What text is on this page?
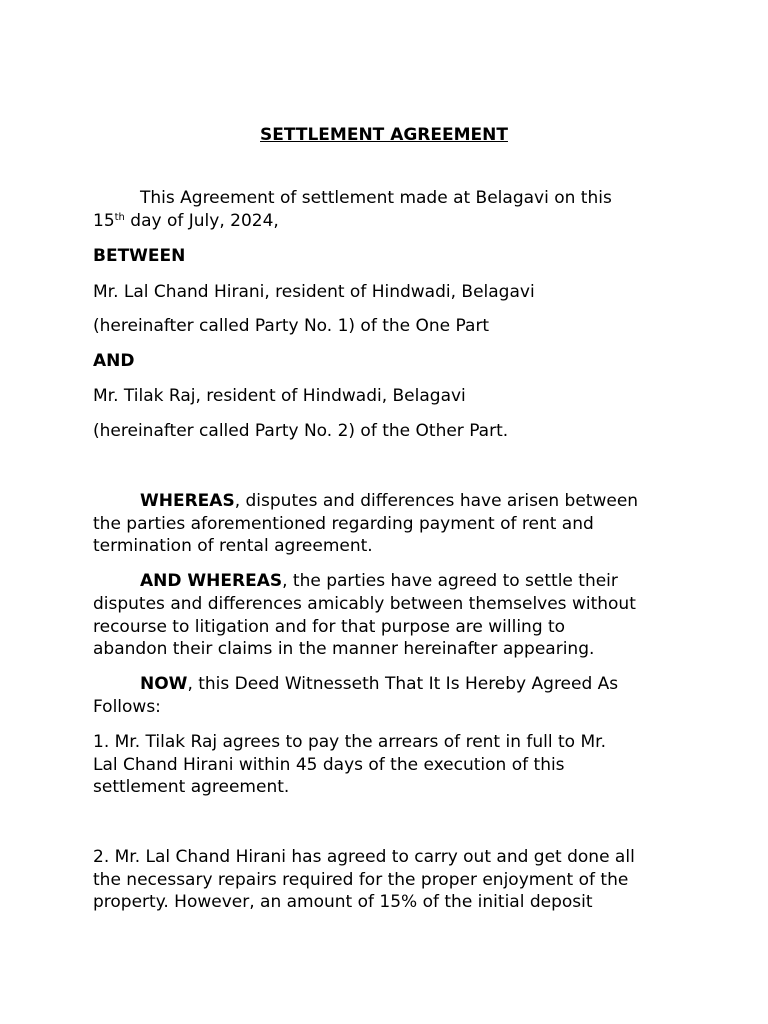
SETTLEMENT AGREEMENT
This Agreement of settlement made at Belagavi on this
15th day of July, 2024,
BETWEEN
Mr. Lal Chand Hirani, resident of Hindwadi, Belagavi
(hereinafter called Party No. 1) of the One Part
AND
Mr. Tilak Raj, resident of Hindwadi, Belagavi
(hereinafter called Party No. 2) of the Other Part.
WHEREAS, disputes and differences have arisen between
the parties aforementioned regarding payment of rent and
termination of rental agreement.
AND WHEREAS, the parties have agreed to settle their
disputes and differences amicably between themselves without
recourse to litigation and for that purpose are willing to
abandon their claims in the manner hereinafter appearing.
NOW, this Deed Witnesseth That It Is Hereby Agreed As
Follows:
1. Mr. Tilak Raj agrees to pay the arrears of rent in full to Mr.
Lal Chand Hirani within 45 days of the execution of this
settlement agreement.
2. Mr. Lal Chand Hirani has agreed to carry out and get done all
the necessary repairs required for the proper enjoyment of the
property. However, an amount of 15% of the initial deposit
